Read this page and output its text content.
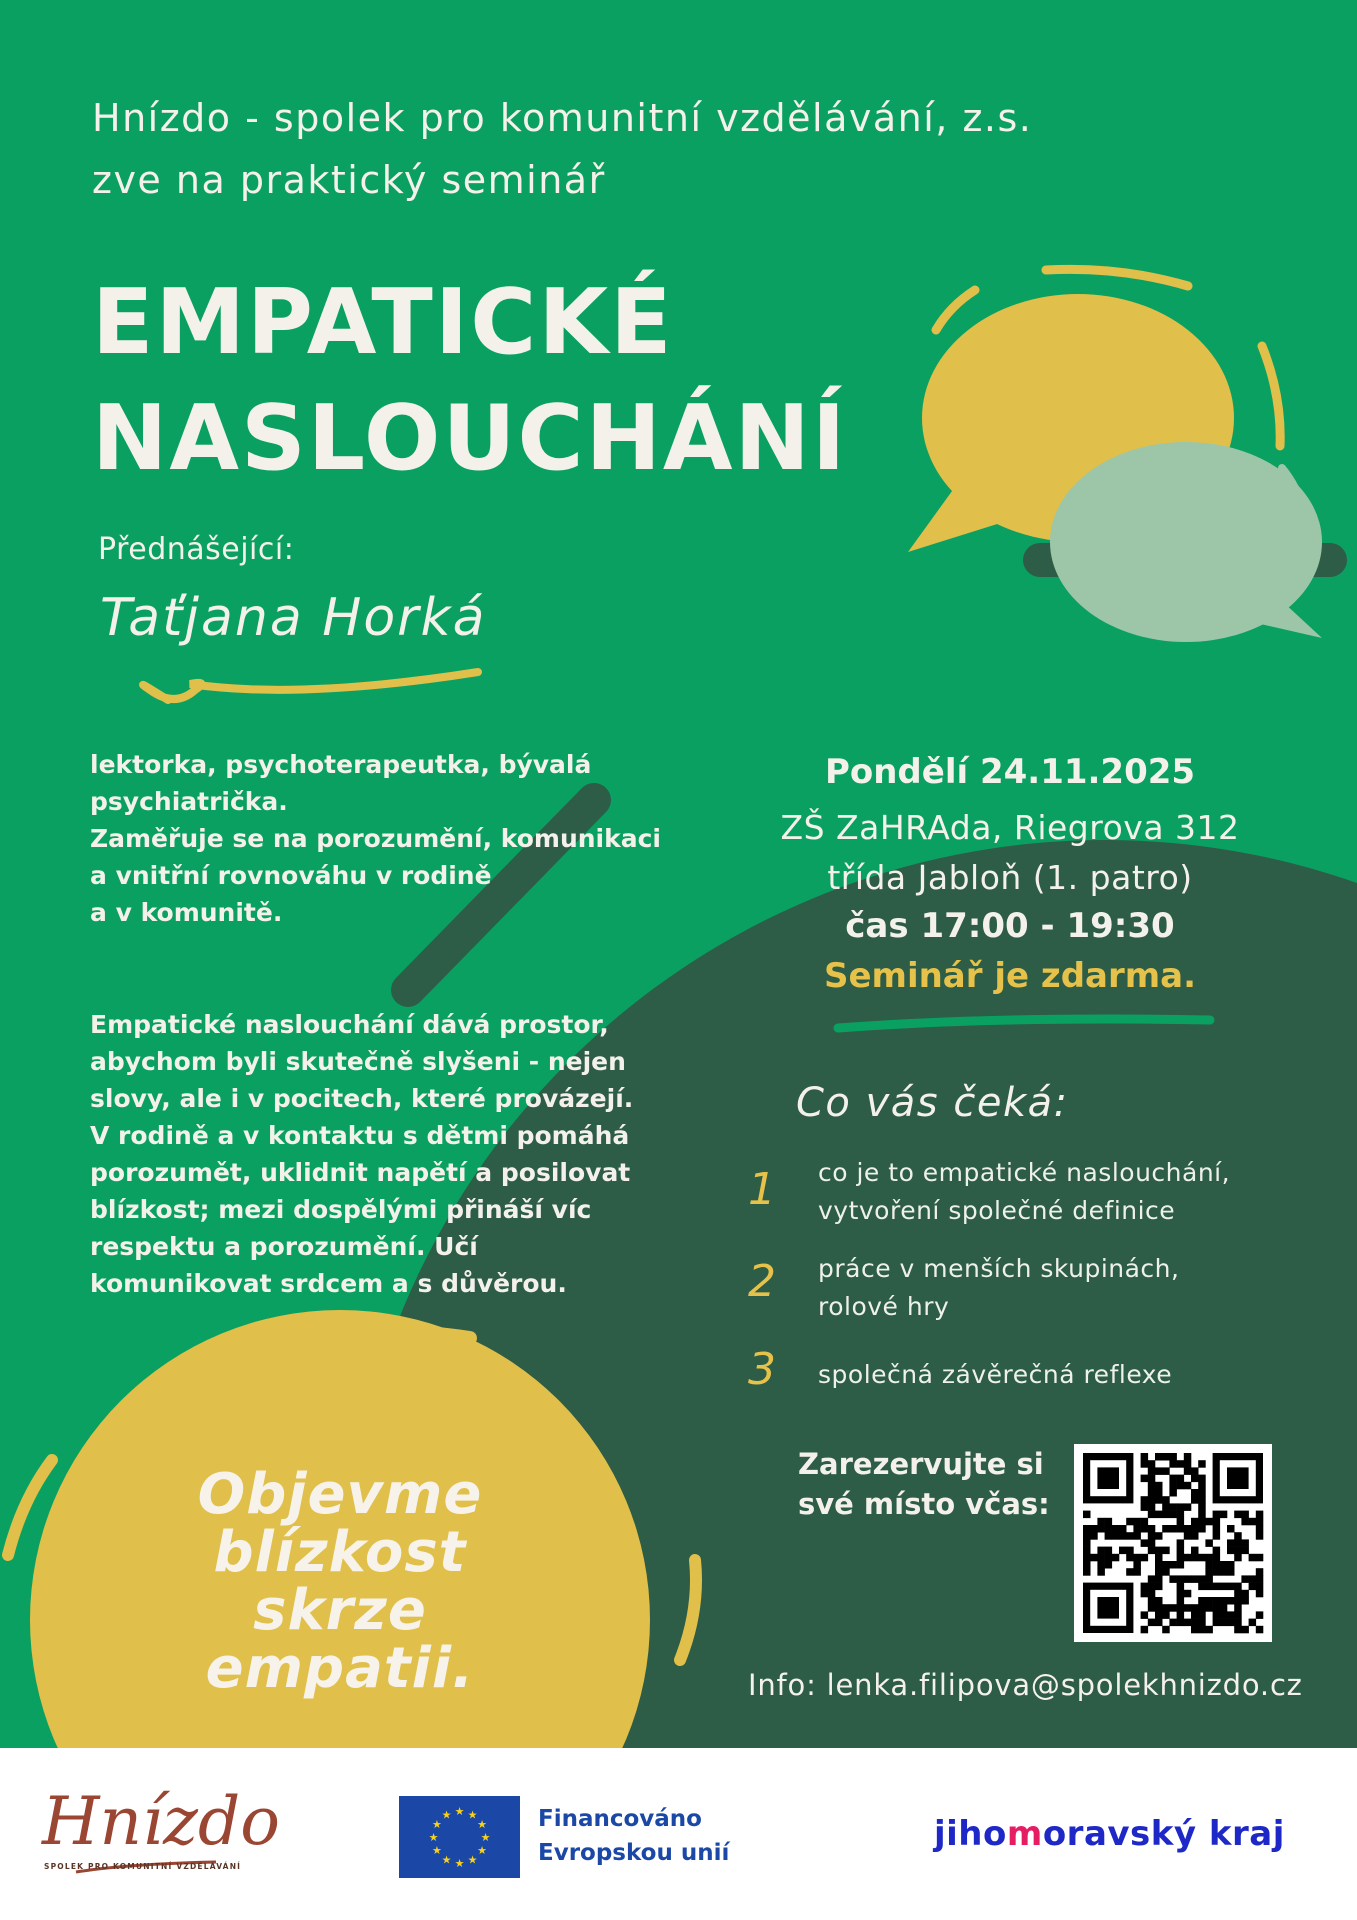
Hnízdo - spolek pro komunitní vzdělávání, z.s.
zve na praktický seminář
EMPATICKÉ
NASLOUCHÁNÍ
Přednášející:
Taťjana Horká
lektorka, psychoterapeutka, bývalá
psychiatrička.
Zaměřuje se na porozumění, komunikaci
a vnitřní rovnováhu v rodině
a v komunitě.
Empatické naslouchání dává prostor,
abychom byli skutečně slyšeni - nejen
slovy, ale i v pocitech, které provázejí.
V rodině a v kontaktu s dětmi pomáhá
porozumět, uklidnit napětí a posilovat
blízkost; mezi dospělými přináší víc
respektu a porozumění. Učí
komunikovat srdcem a s důvěrou.
Pondělí 24.11.2025
ZŠ ZaHRAda, Riegrova 312
třída Jabloň (1. patro)
čas 17:00 - 19:30
Seminář je zdarma.
Co vás čeká:
1 co je to empatické naslouchání,
vytvoření společné definice
2 práce v menších skupinách,
rolové hry
3 společná závěrečná reflexe
Zarezervujte si
své místo včas:
Info: lenka.filipova@spolekhnizdo.cz
Objevme
blízkost
skrze
empatii.
Hnízdo
SPOLEK PRO KOMUNITNÍ VZDĚLÁVÁNÍ
★ ★
★
★
★
★
★
★
★
★
★
★	Financováno
Evropskou unií	jihomoravský kraj
